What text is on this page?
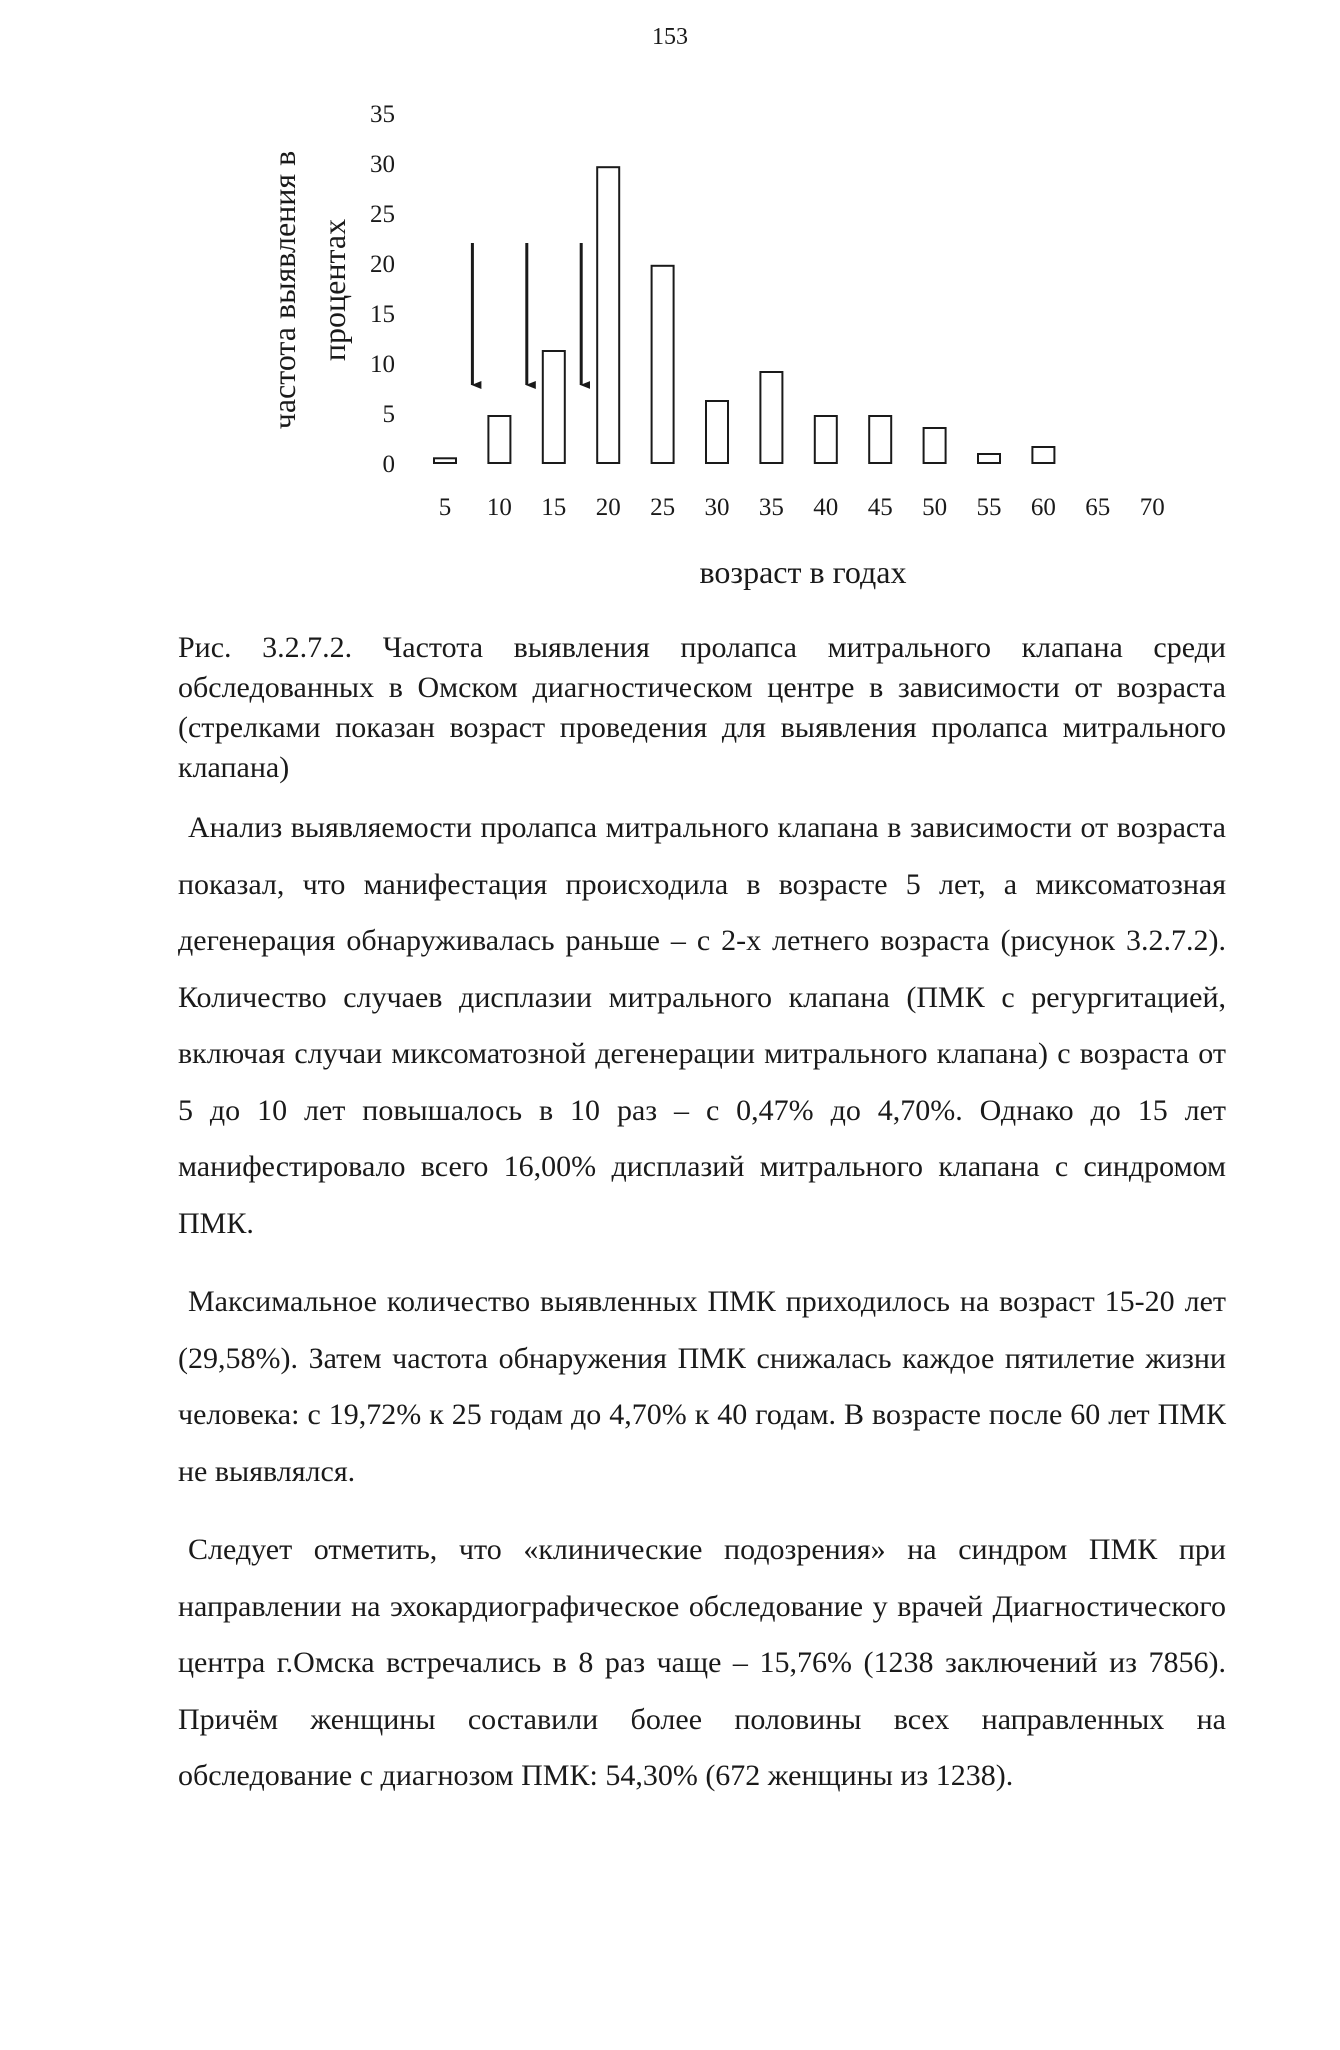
153
0
5
10
15
20
25
30
35
5 10 15 20 25 30 35 40 45 50 55 60 65 70
частота выявления в процентах
возраст в годах

Рис. 3.2.7.2. Частота выявления пролапса митрального клапана среди обследованных в Омском диагностическом центре в зависимости от возраста (стрелками показан возраст проведения для выявления пролапса митрального клапана)

Анализ выявляемости пролапса митрального клапана в зависимости от возраста показал, что манифестация происходила в возрасте 5 лет, а миксоматозная дегенерация обнаруживалась раньше – с 2-х летнего возраста (рисунок 3.2.7.2). Количество случаев дисплазии митрального клапана (ПМК с регургитацией, включая случаи миксоматозной дегенерации митрального клапана) с возраста от 5 до 10 лет повышалось в 10 раз – с 0,47% до 4,70%. Однако до 15 лет манифестировало всего 16,00% дисплазий митрального клапана с синдромом ПМК.

Максимальное количество выявленных ПМК приходилось на возраст 15-20 лет (29,58%). Затем частота обнаружения ПМК снижалась каждое пятилетие жизни человека: с 19,72% к 25 годам до 4,70% к 40 годам. В возрасте после 60 лет ПМК не выявлялся.

Следует отметить, что «клинические подозрения» на синдром ПМК при направлении на эхокардиографическое обследование у врачей Диагностического центра г.Омска встречались в 8 раз чаще – 15,76% (1238 заключений из 7856). Причём женщины составили более половины всех направленных на обследование с диагнозом ПМК: 54,30% (672 женщины из 1238).
